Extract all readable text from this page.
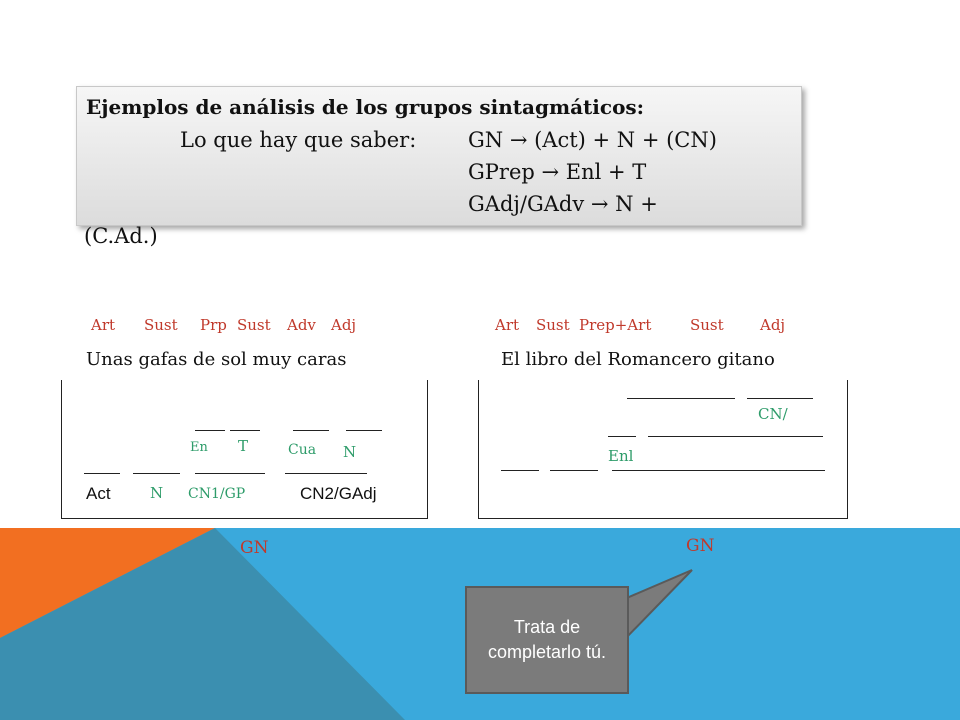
Ejemplos de análisis de los grupos sintagmáticos:
Lo que hay que saber: GN → (Act) + N + (CN)
GPrep → Enl + T
GAdj/GAdv → N +
(C.Ad.)
Art Sust Prp Sust Adv Adj
Unas gafas de sol muy caras
En T	Cua N
Act	N CN1/GP	CN2/GAdj
Art Sust Prep+Art	Sust Adj
El libro del Romancero gitano
CN/
Enl
GN	GN
Trata de completarlo tú.
